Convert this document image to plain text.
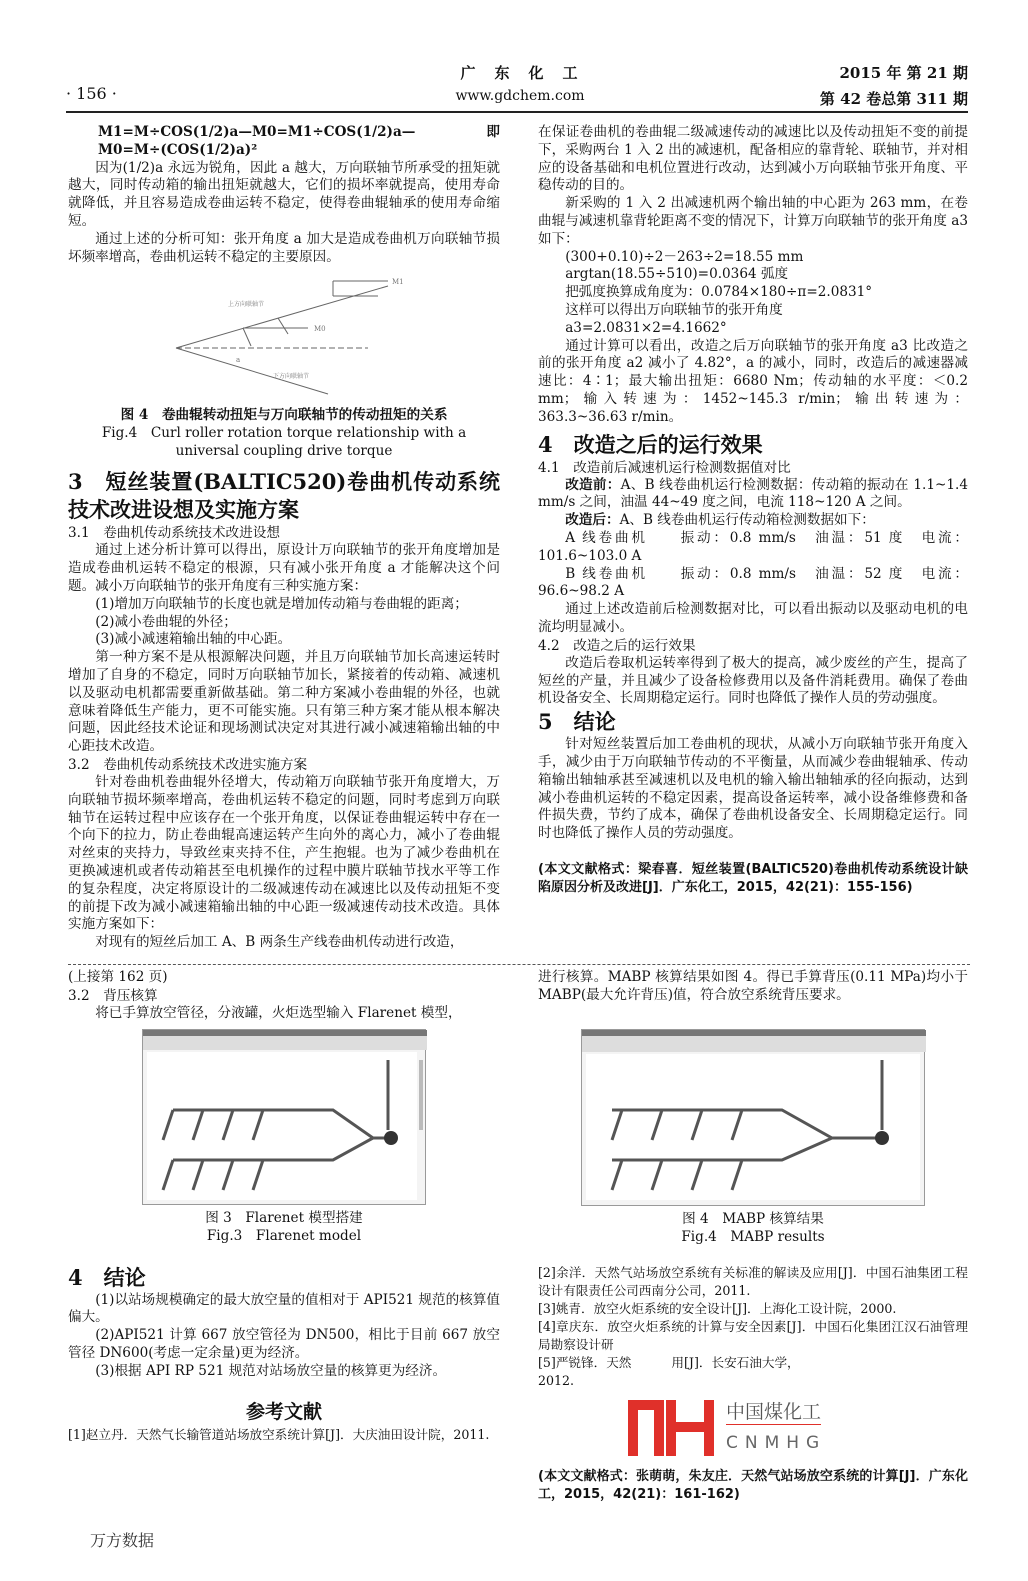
广　东　化　工
www.gdchem.com
· 156 ·
2015 年 第 21 期
第 42 卷总第 311 期
M1=M÷COS(1/2)a—M0=M1÷COS(1/2)a—即 M0=M÷(COS(1/2)a)²

因为(1/2)a 永远为锐角，因此 a 越大，万向联轴节所承受的扭矩就越大，同时传动箱的输出扭矩就越大，它们的损坏率就提高，使用寿命就降低，并且容易造成卷曲运转不稳定，使得卷曲辊轴承的使用寿命缩短。

通过上述的分析可知：张开角度 a 加大是造成卷曲机万向联轴节损坏频率增高，卷曲机运转不稳定的主要原因。

上方向联轴节
下方向联轴节
M1
M0
a
图 4　卷曲辊转动扭矩与万向联轴节的传动扭矩的关系
Fig.4　Curl roller rotation torque relationship with a universal coupling drive torque
3　短丝装置(BALTIC520)卷曲机传动系统技术改进设想及实施方案
3.1　卷曲机传动系统技术改进设想

通过上述分析计算可以得出，原设计万向联轴节的张开角度增加是造成卷曲机运转不稳定的根源，只有减小张开角度 a 才能解决这个问题。减小万向联轴节的张开角度有三种实施方案：

(1)增加万向联轴节的长度也就是增加传动箱与卷曲辊的距离；

(2)减小卷曲辊的外径；

(3)减小减速箱输出轴的中心距。

第一种方案不是从根源解决问题，并且万向联轴节加长高速运转时增加了自身的不稳定，同时万向联轴节加长，紧接着的传动箱、减速机以及驱动电机都需要重新做基础。第二种方案减小卷曲辊的外径，也就意味着降低生产能力，更不可能实施。只有第三种方案才能从根本解决问题，因此经技术论证和现场测试决定对其进行减小减速箱输出轴的中心距技术改造。

3.2　卷曲机传动系统技术改进实施方案

针对卷曲机卷曲辊外径增大，传动箱万向联轴节张开角度增大，万向联轴节损坏频率增高，卷曲机运转不稳定的问题，同时考虑到万向联轴节在运转过程中应该存在一个张开角度，以保证卷曲辊运转中存在一个向下的拉力，防止卷曲辊高速运转产生向外的离心力，减小了卷曲辊对丝束的夹持力，导致丝束夹持不住，产生抱辊。也为了减少卷曲机在更换减速机或者传动箱甚至电机操作的过程中膜片联轴节找水平等工作的复杂程度，决定将原设计的二级减速传动在减速比以及传动扭矩不变的前提下改为减小减速箱输出轴的中心距一级减速传动技术改造。具体实施方案如下：

对现有的短丝后加工 A、B 两条生产线卷曲机传动进行改造，

在保证卷曲机的卷曲辊二级减速传动的减速比以及传动扭矩不变的前提下，采购两台 1 入 2 出的减速机，配备相应的靠背轮、联轴节，并对相应的设备基础和电机位置进行改动，达到减小万向联轴节张开角度、平稳传动的目的。

新采购的 1 入 2 出减速机两个输出轴的中心距为 263 mm，在卷曲辊与减速机靠背轮距离不变的情况下，计算万向联轴节的张开角度 a3 如下：

(300+0.10)÷2－263÷2=18.55 mm

argtan(18.55÷510)=0.0364 弧度

把弧度换算成角度为：0.0784×180÷π=2.0831°

这样可以得出万向联轴节的张开角度

a3=2.0831×2=4.1662°

通过计算可以看出，改造之后万向联轴节的张开角度 a3 比改造之前的张开角度 a2 减小了 4.82°，a 的减小，同时，改造后的减速器减速比：4∶1；最大输出扭矩：6680 Nm；传动轴的水平度：＜0.2 mm；输入转速为：1452~145.3 r/min；输出转速为：363.3~36.63 r/min。

4　改造之后的运行效果
4.1　改造前后减速机运行检测数据值对比

改造前：A、B 线卷曲机运行检测数据：传动箱的振动在 1.1~1.4 mm/s 之间，油温 44~49 度之间，电流 118~120 A 之间。

改造后：A、B 线卷曲机运行传动箱检测数据如下：

A 线卷曲机　　振动：0.8 mm/s　油温：51 度　电流：101.6~103.0 A

B 线卷曲机　　振动：0.8 mm/s　油温：52 度　电流：96.6~98.2 A

通过上述改造前后检测数据对比，可以看出振动以及驱动电机的电流均明显减小。

4.2　改造之后的运行效果

改造后卷取机运转率得到了极大的提高，减少废丝的产生，提高了短丝的产量，并且减少了设备检修费用以及备件消耗费用。确保了卷曲机设备安全、长周期稳定运行。同时也降低了操作人员的劳动强度。

5　结论

针对短丝装置后加工卷曲机的现状，从减小万向联轴节张开角度入手，减少由于万向联轴节传动的不平衡量，从而减少卷曲辊轴承、传动箱输出轴轴承甚至减速机以及电机的输入输出轴轴承的径向振动，达到减小卷曲机运转的不稳定因素，提高设备运转率，减小设备维修费和备件损失费，节约了成本，确保了卷曲机设备安全、长周期稳定运行。同时也降低了操作人员的劳动强度。

(本文文献格式：梁春喜．短丝装置(BALTIC520)卷曲机传动系统设计缺陷原因分析及改进[J]．广东化工，2015，42(21)：155-156)

(上接第 162 页)
3.2　背压核算

将已手算放空管径，分液罐，火炬选型输入 Flarenet 模型，

进行核算。MABP 核算结果如图 4。得已手算背压(0.11 MPa)均小于 MABP(最大允许背压)值，符合放空系统背压要求。

图 3　Flarenet 模型搭建
Fig.3　Flarenet model
图 4　MABP 核算结果
Fig.4　MABP results
4　结论

(1)以站场规模确定的最大放空量的值相对于 API521 规范的核算值偏大。

(2)API521 计算 667 放空管径为 DN500，相比于目前 667 放空管径 DN600(考虑一定余量)更为经济。

(3)根据 API RP 521 规范对站场放空量的核算更为经济。

参考文献

[1]赵立丹．天然气长输管道站场放空系统计算[J]．大庆油田设计院，2011.

[2]余洋．天然气站场放空系统有关标准的解读及应用[J]．中国石油集团工程设计有限责任公司西南分公司，2011.

[3]姚青．放空火炬系统的安全设计[J]．上海化工设计院，2000.

[4]章庆东．放空火炬系统的计算与安全因素[J]．中国石化集团江汉石油管理局勘察设计研

[5]严锐锋．天然	用[J]．长安石油大学，

2012.

中国煤化工
CNMHG

(本文文献格式：张萌萌，朱友庄．天然气站场放空系统的计算[J]．广东化工，2015，42(21)：161-162)

万方数据
